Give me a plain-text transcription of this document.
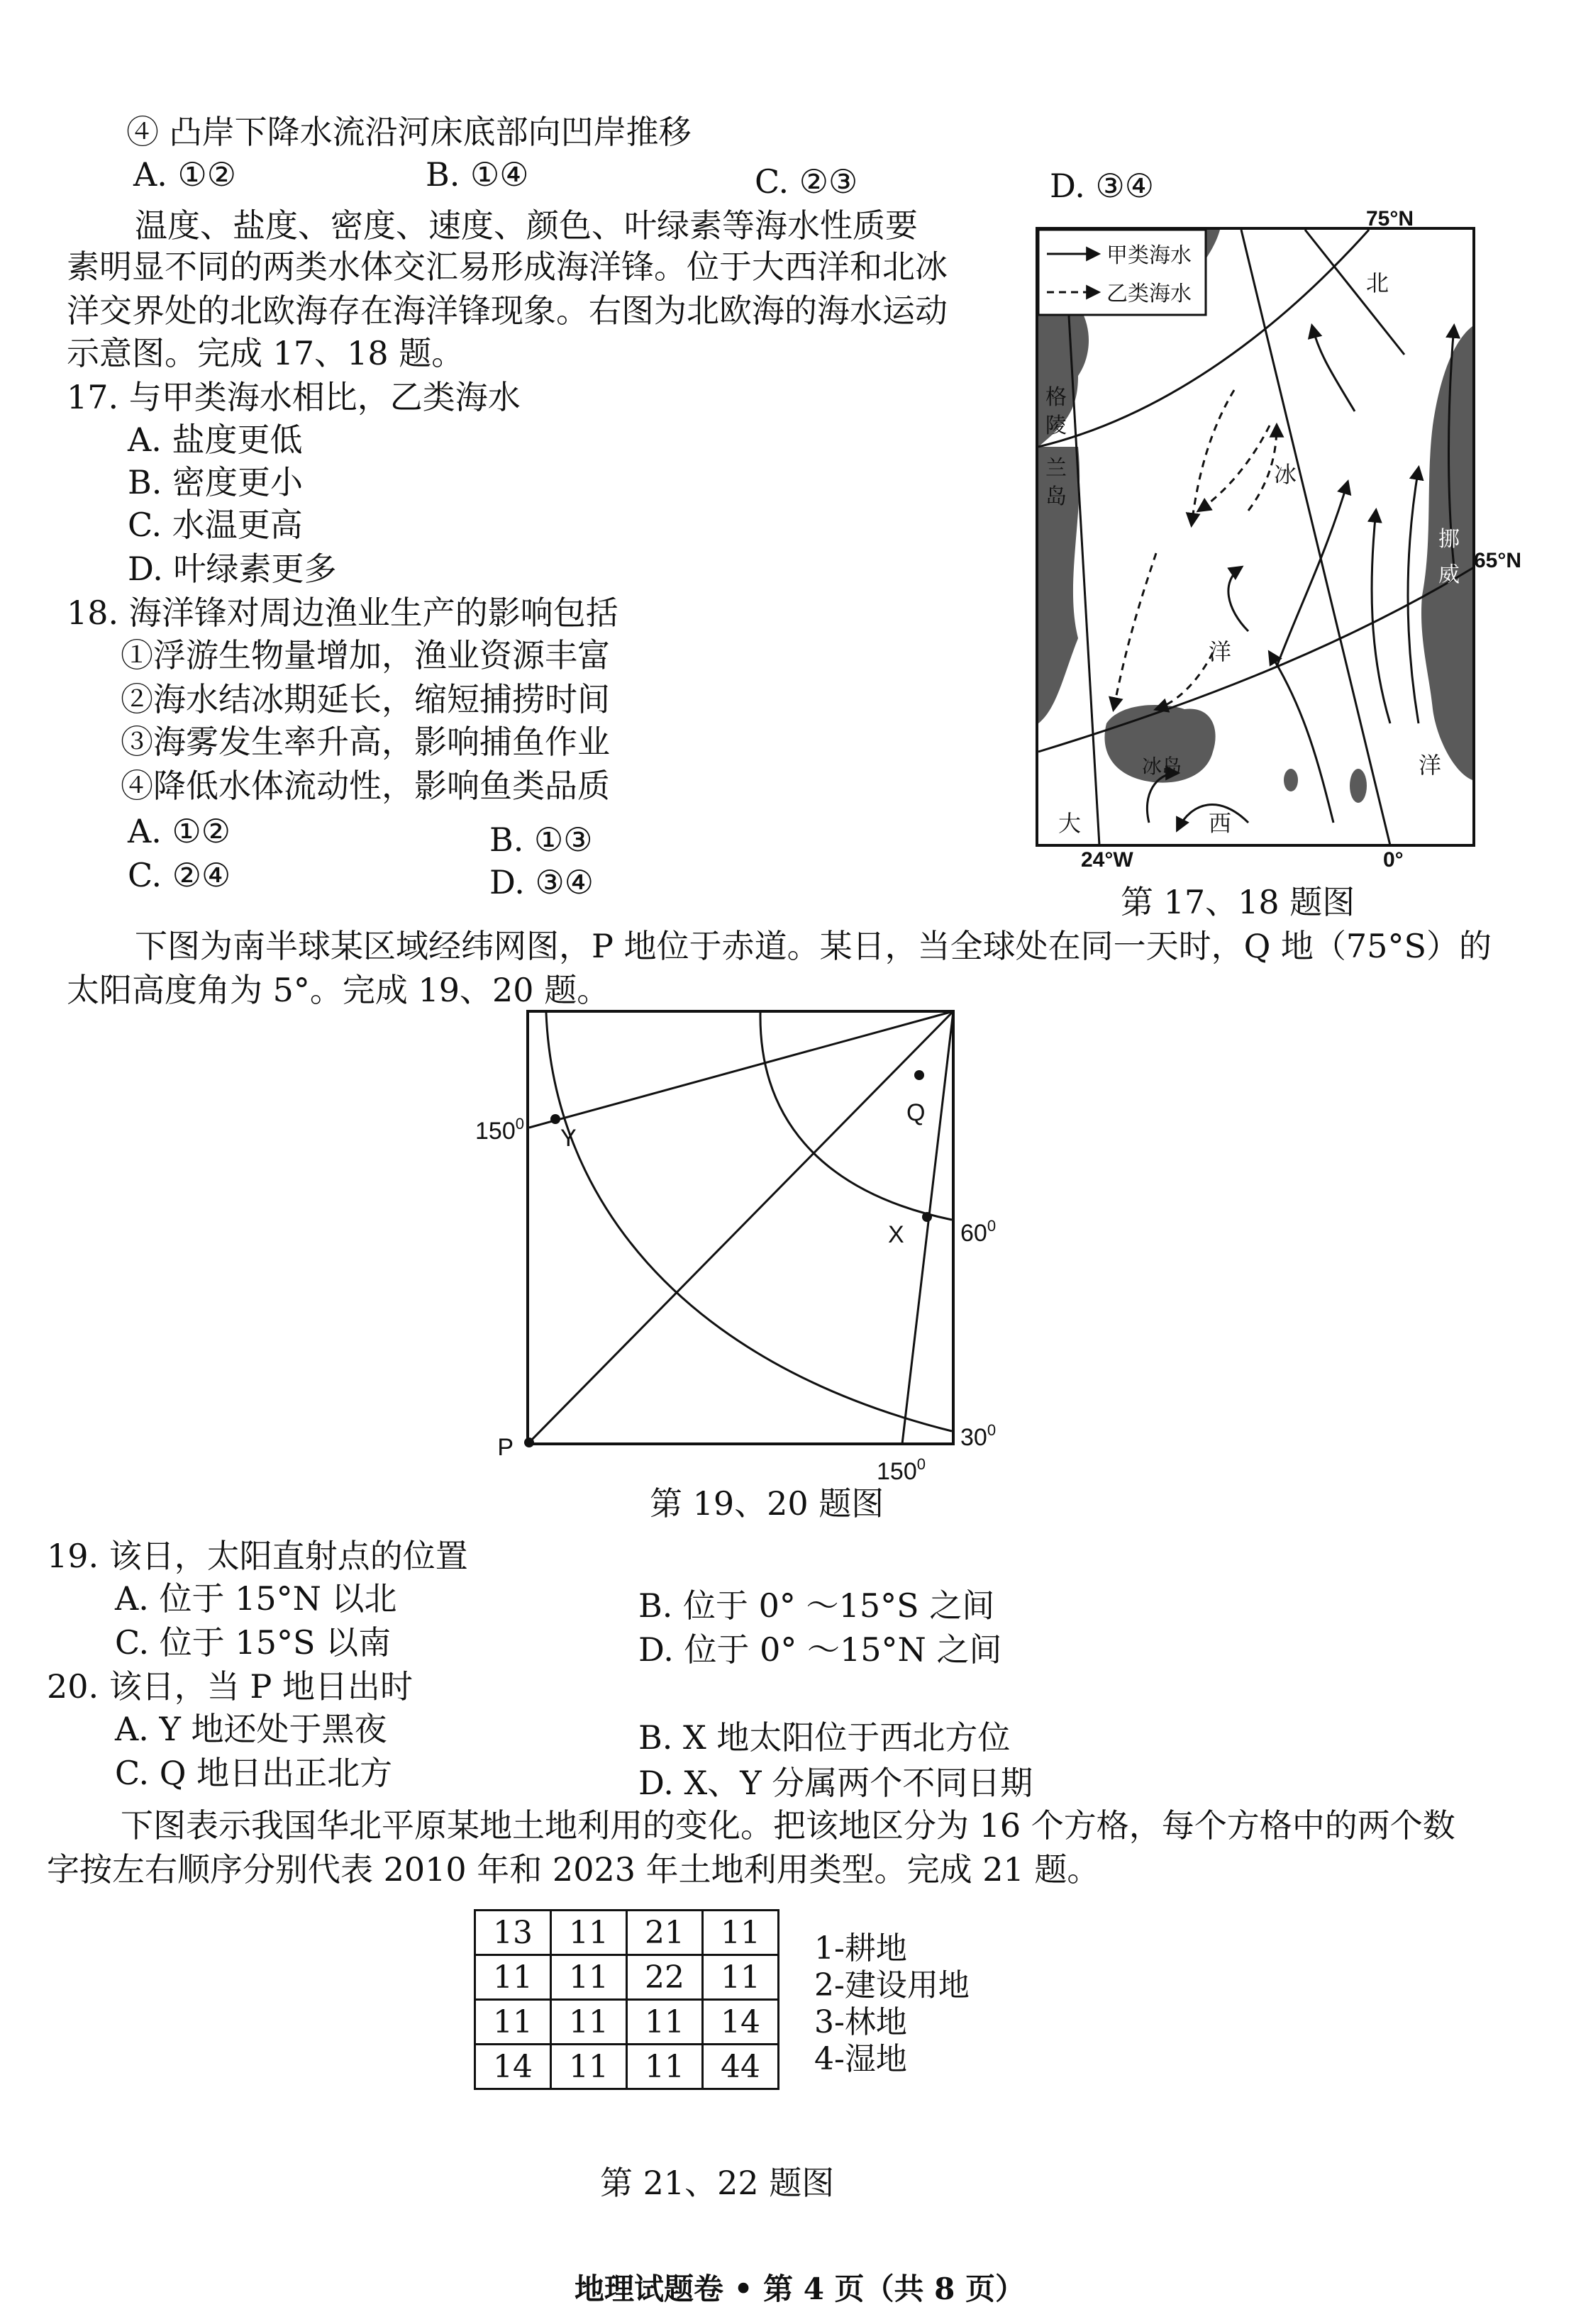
④ 凸岸下降水流沿河床底部向凹岸推移
A. ①②	B. ①④	C. ②③	D. ③④
温度、盐度、密度、速度、颜色、叶绿素等海水性质要
素明显不同的两类水体交汇易形成海洋锋。位于大西洋和北冰
洋交界处的北欧海存在海洋锋现象。右图为北欧海的海水运动
示意图。完成 17、18 题。
17. 与甲类海水相比，乙类海水
A. 盐度更低
B. 密度更小
C. 水温更高
D. 叶绿素更多
18. 海洋锋对周边渔业生产的影响包括
①浮游生物量增加，渔业资源丰富
②海水结冰期延长，缩短捕捞时间
③海雾发生率升高，影响捕鱼作业
④降低水体流动性，影响鱼类品质
A. ①②	B. ①③
C. ②④	D. ③④
甲类海水
乙类海水
75°N
65°N
24°W	0°
格
陵
兰
岛
挪
威
北
冰
洋
冰岛	洋
大	西
第 17、18 题图
下图为南半球某区域经纬网图，P 地位于赤道。某日，当全球处在同一天时，Q 地（75°S）的
太阳高度角为 5°。完成 19、20 题。
P
Y
Q
X
$150^0$
$60^0$
$30^0$
$150^0$
第 19、20 题图
19. 该日，太阳直射点的位置
A. 位于 15°N 以北	B. 位于 0° ～15°S 之间
C. 位于 15°S 以南	D. 位于 0° ～15°N 之间
20. 该日，当 P 地日出时
A. Y 地还处于黑夜	B. X 地太阳位于西北方位
C. Q 地日出正北方	D. X、Y 分属两个不同日期
下图表示我国华北平原某地土地利用的变化。把该地区分为 16 个方格，每个方格中的两个数
字按左右顺序分别代表 2010 年和 2023 年土地利用类型。完成 21 题。
13	11	21	11
11	11	22	11
11	11	11	14
14	11	11	44
1-耕地
2-建设用地
3-林地
4-湿地
第 21、22 题图
地理试题卷 • 第 4 页（共 8 页）
